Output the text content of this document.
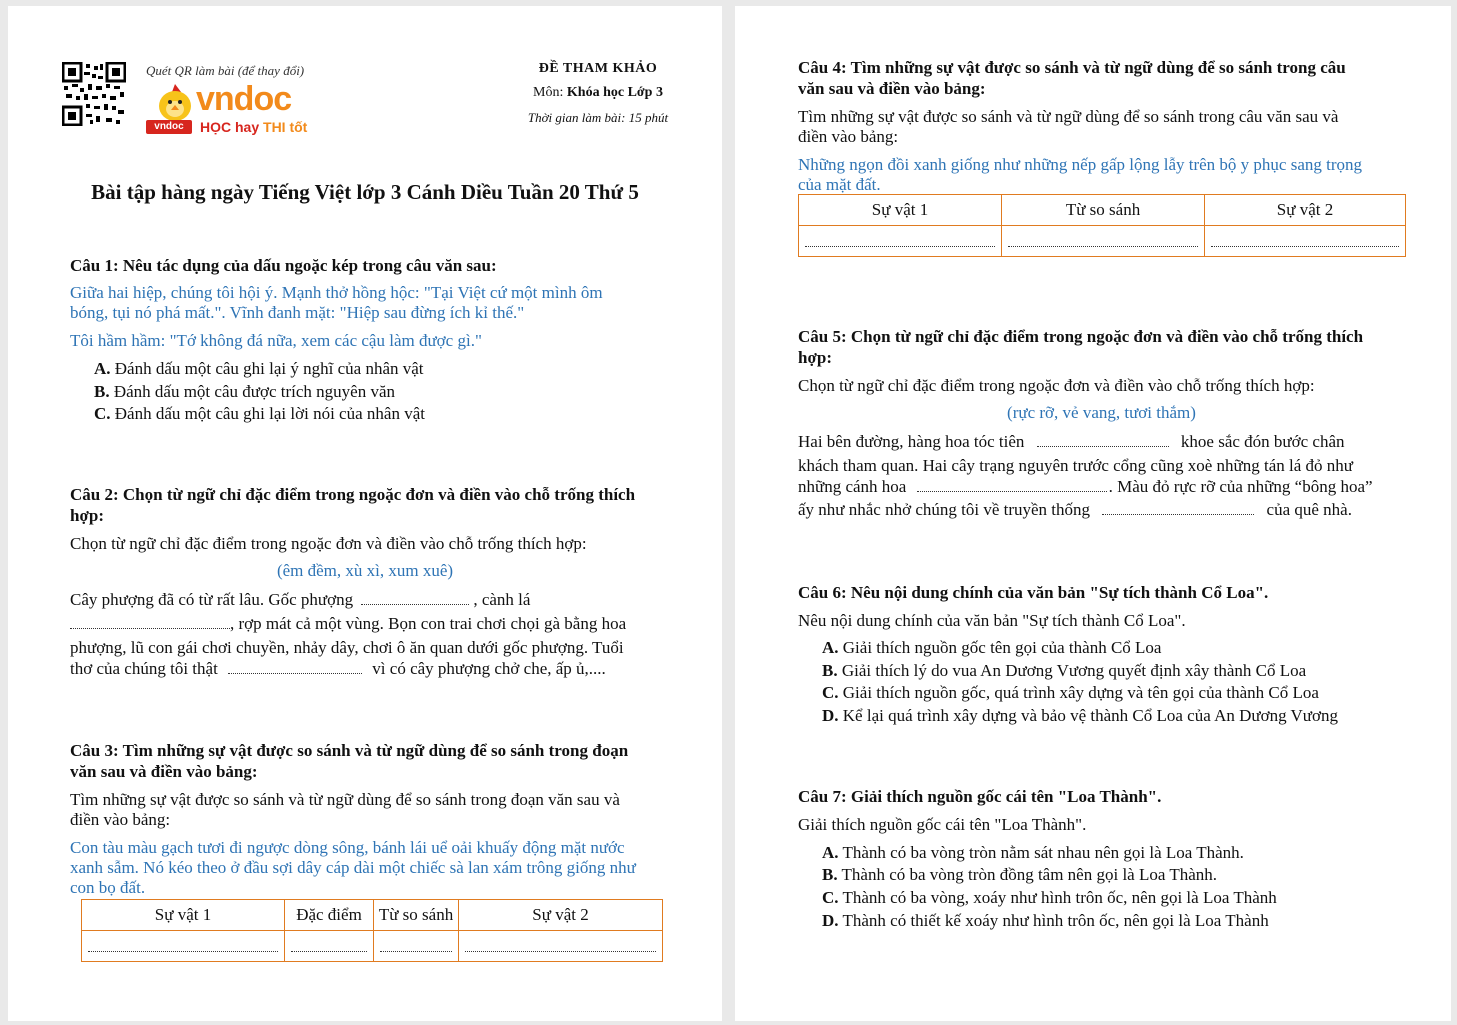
Quét QR làm bài (để thay đổi)
vndoc
vndoc	HỌC hay THI tốt
ĐỀ THAM KHẢO
Môn: Khóa học Lớp 3
Thời gian làm bài: 15 phút
Bài tập hàng ngày Tiếng Việt lớp 3 Cánh Diều Tuần 20 Thứ 5
Câu 1: Nêu tác dụng của dấu ngoặc kép trong câu văn sau:
Giữa hai hiệp, chúng tôi hội ý. Mạnh thở hồng hộc: "Tại Việt cứ một mình ôm
bóng, tụi nó phá mất.". Vĩnh đanh mặt: "Hiệp sau đừng ích kỉ thế."
Tôi hầm hầm: "Tớ không đá nữa, xem các cậu làm được gì."
A. Đánh dấu một câu ghi lại ý nghĩ của nhân vật
B. Đánh dấu một câu được trích nguyên văn
C. Đánh dấu một câu ghi lại lời nói của nhân vật
Câu 2: Chọn từ ngữ chỉ đặc điểm trong ngoặc đơn và điền vào chỗ trống thích
hợp:
Chọn từ ngữ chỉ đặc điểm trong ngoặc đơn và điền vào chỗ trống thích hợp:
(êm đềm, xù xì, xum xuê)
Cây phượng đã có từ rất lâu. Gốc phượng	, cành lá
, rợp mát cả một vùng. Bọn con trai chơi chọi gà bằng hoa
phượng, lũ con gái chơi chuyền, nhảy dây, chơi ô ăn quan dưới gốc phượng. Tuổi
thơ của chúng tôi thật	vì có cây phượng chở che, ấp ủ,....
Câu 3: Tìm những sự vật được so sánh và từ ngữ dùng để so sánh trong đoạn
văn sau và điền vào bảng:
Tìm những sự vật được so sánh và từ ngữ dùng để so sánh trong đoạn văn sau và
điền vào bảng:
Con tàu màu gạch tươi đi ngược dòng sông, bánh lái uể oải khuấy động mặt nước
xanh sẫm. Nó kéo theo ở đầu sợi dây cáp dài một chiếc sà lan xám trông giống như
con bọ đất.
Sự vật 1	Đặc điểm	Từ so sánh	Sự vật 2

Câu 4: Tìm những sự vật được so sánh và từ ngữ dùng để so sánh trong câu
văn sau và điền vào bảng:
Tìm những sự vật được so sánh và từ ngữ dùng để so sánh trong câu văn sau và
điền vào bảng:
Những ngọn đồi xanh giống như những nếp gấp lộng lẫy trên bộ y phục sang trọng
của mặt đất.
Sự vật 1	Từ so sánh	Sự vật 2

Câu 5: Chọn từ ngữ chỉ đặc điểm trong ngoặc đơn và điền vào chỗ trống thích
hợp:
Chọn từ ngữ chỉ đặc điểm trong ngoặc đơn và điền vào chỗ trống thích hợp:
(rực rỡ, vẻ vang, tươi thắm)
Hai bên đường, hàng hoa tóc tiên	khoe sắc đón bước chân
khách tham quan. Hai cây trạng nguyên trước cổng cũng xoè những tán lá đỏ như
những cánh hoa	. Màu đỏ rực rỡ của những “bông hoa”
ấy như nhắc nhở chúng tôi về truyền thống	của quê nhà.
Câu 6: Nêu nội dung chính của văn bản "Sự tích thành Cổ Loa".
Nêu nội dung chính của văn bản "Sự tích thành Cổ Loa".
A. Giải thích nguồn gốc tên gọi của thành Cổ Loa
B. Giải thích lý do vua An Dương Vương quyết định xây thành Cổ Loa
C. Giải thích nguồn gốc, quá trình xây dựng và tên gọi của thành Cổ Loa
D. Kể lại quá trình xây dựng và bảo vệ thành Cổ Loa của An Dương Vương
Câu 7: Giải thích nguồn gốc cái tên "Loa Thành".
Giải thích nguồn gốc cái tên "Loa Thành".
A. Thành có ba vòng tròn nằm sát nhau nên gọi là Loa Thành.
B. Thành có ba vòng tròn đồng tâm nên gọi là Loa Thành.
C. Thành có ba vòng, xoáy như hình trôn ốc, nên gọi là Loa Thành
D. Thành có thiết kế xoáy như hình trôn ốc, nên gọi là Loa Thành
